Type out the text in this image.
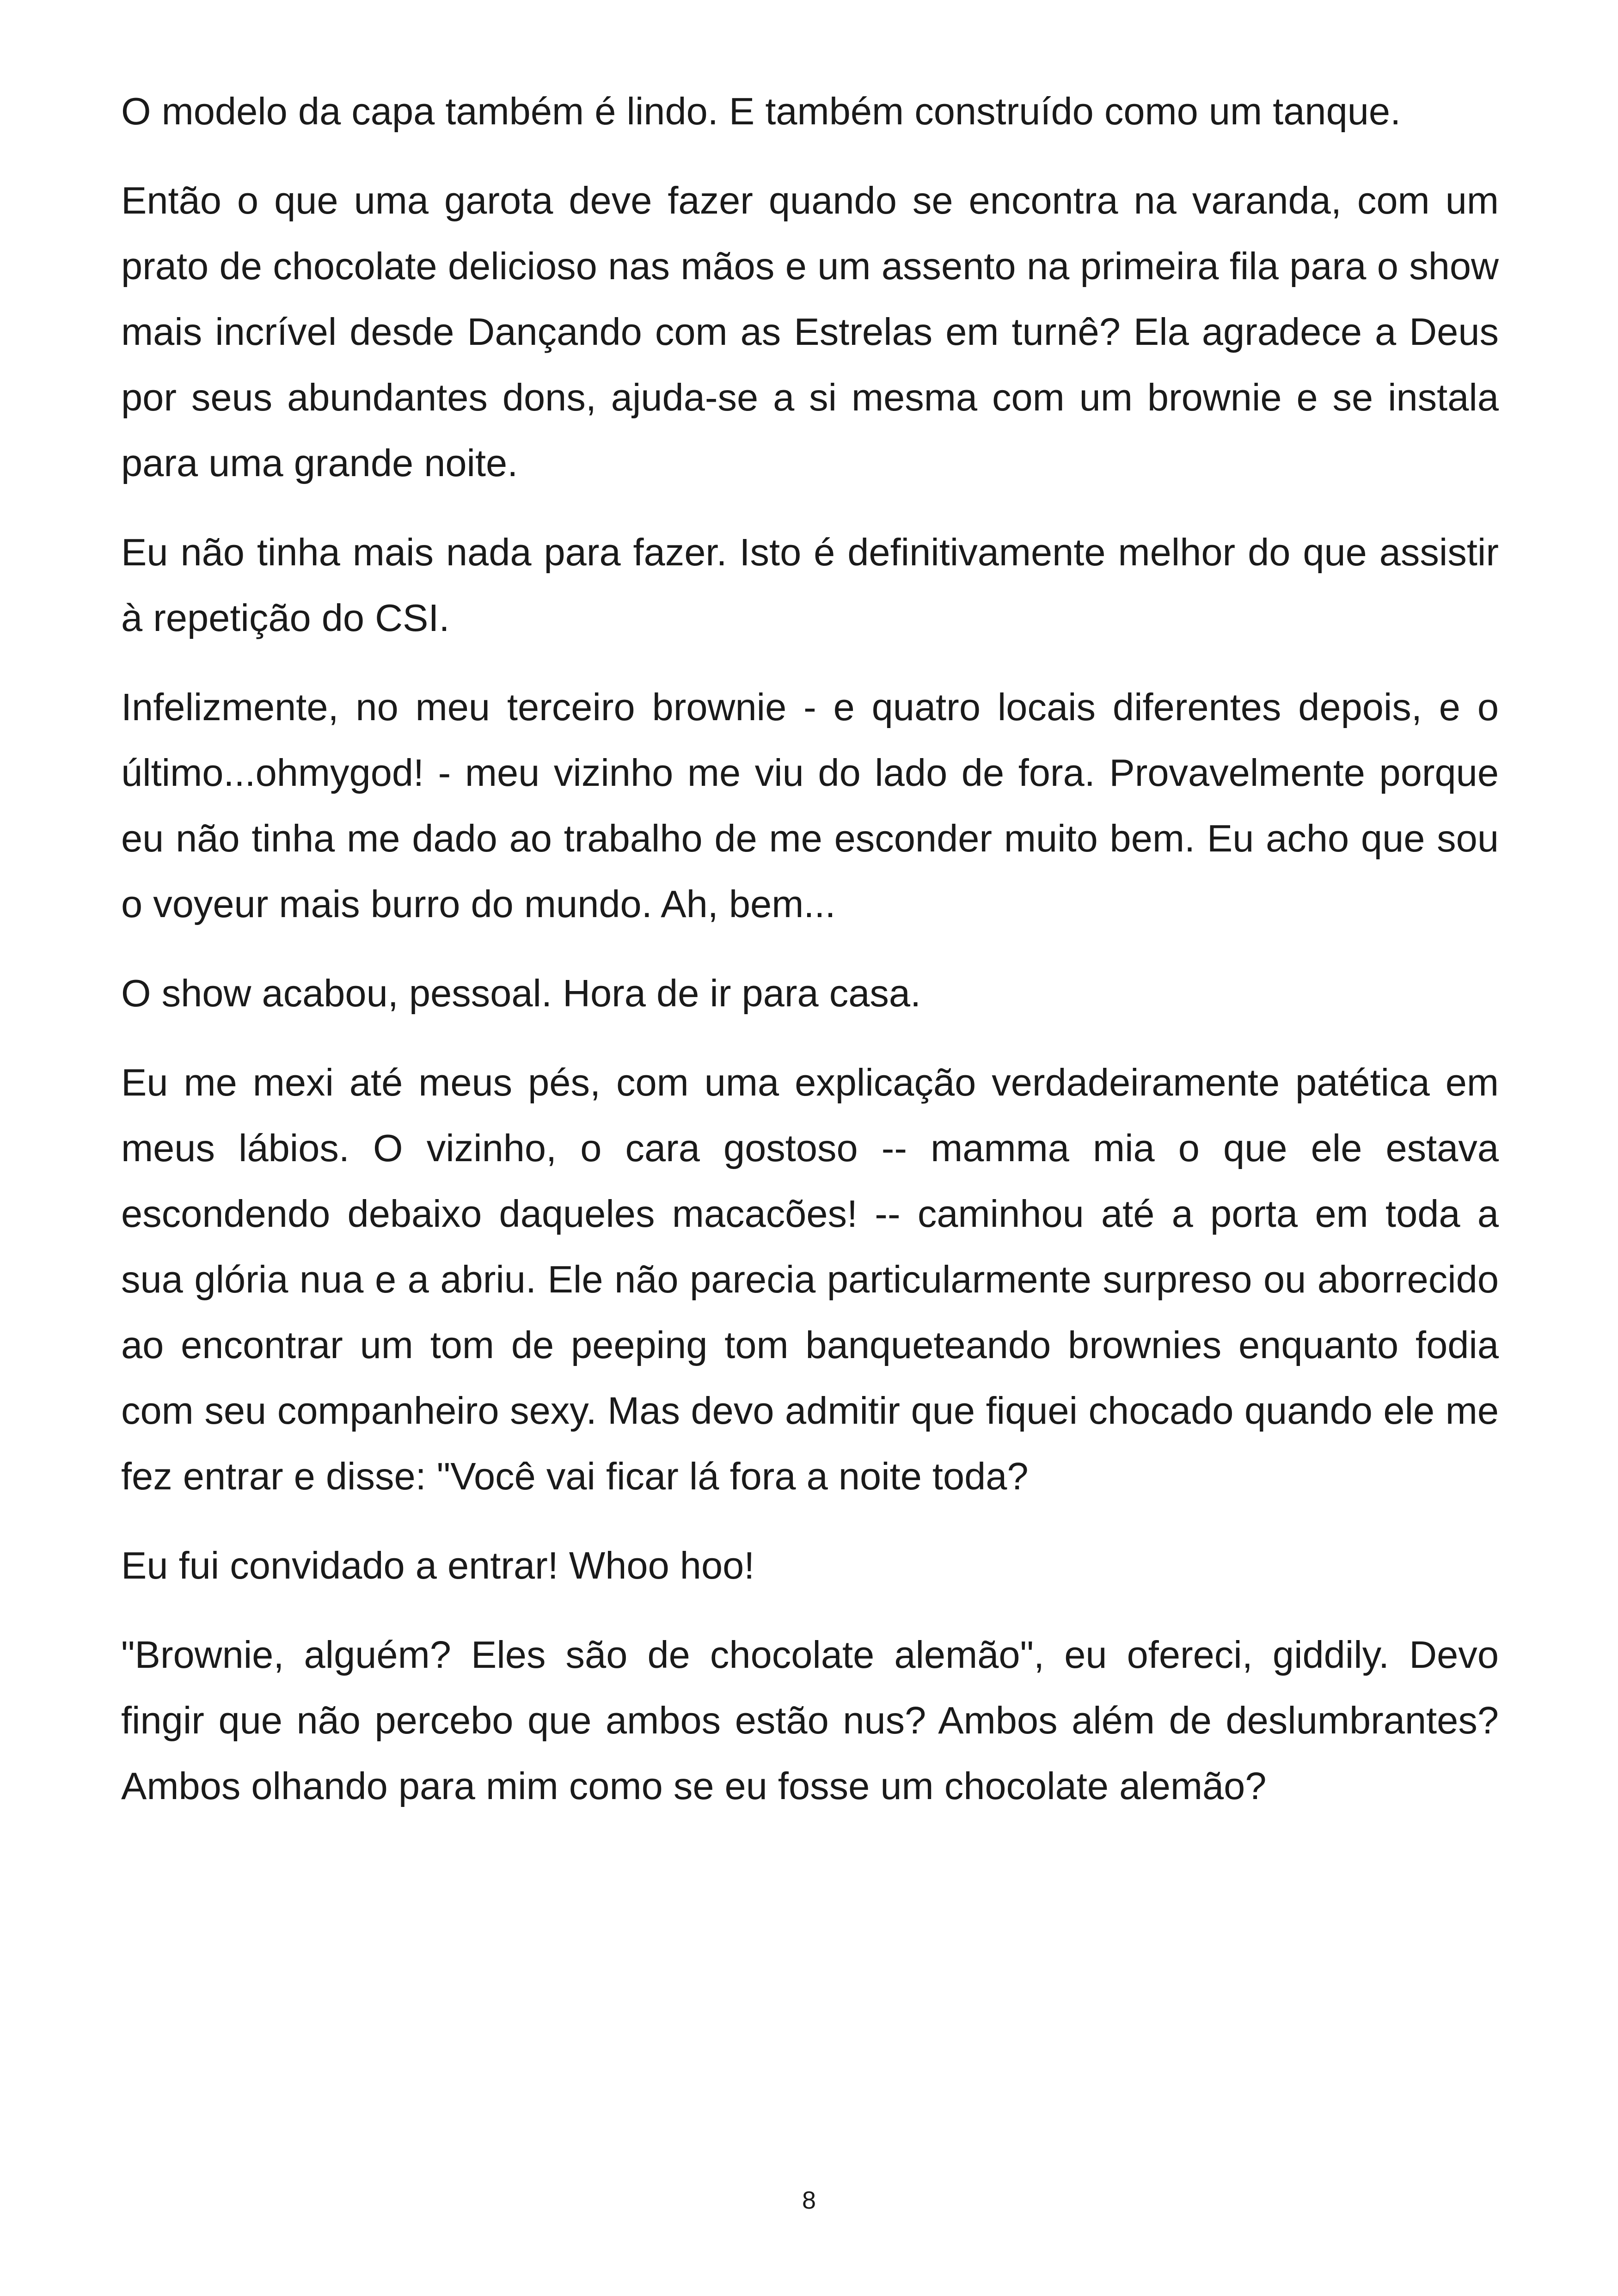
O modelo da capa também é lindo. E também construído como um tanque.

Então o que uma garota deve fazer quando se encontra na varanda, com um prato de chocolate delicioso nas mãos e um assento na primeira fila para o show mais incrível desde Dançando com as Estrelas em turnê? Ela agradece a Deus por seus abundantes dons, ajuda-se a si mesma com um brownie e se instala para uma grande noite.

Eu não tinha mais nada para fazer. Isto é definitivamente melhor do que assistir à repetição do CSI.

Infelizmente, no meu terceiro brownie - e quatro locais diferentes depois, e o último...ohmygod! - meu vizinho me viu do lado de fora. Provavelmente porque eu não tinha me dado ao trabalho de me esconder muito bem. Eu acho que sou o voyeur mais burro do mundo. Ah, bem...

O show acabou, pessoal. Hora de ir para casa.

Eu me mexi até meus pés, com uma explicação verdadeiramente patética em meus lábios. O vizinho, o cara gostoso -- mamma mia o que ele estava escondendo debaixo daqueles macacões! -- caminhou até a porta em toda a sua glória nua e a abriu. Ele não parecia particularmente surpreso ou aborrecido ao encontrar um tom de peeping tom banqueteando brownies enquanto fodia com seu companheiro sexy. Mas devo admitir que fiquei chocado quando ele me fez entrar e disse: "Você vai ficar lá fora a noite toda?

Eu fui convidado a entrar! Whoo hoo!

"Brownie, alguém? Eles são de chocolate alemão", eu ofereci, giddily. Devo fingir que não percebo que ambos estão nus? Ambos além de deslumbrantes? Ambos olhando para mim como se eu fosse um chocolate alemão?

8
